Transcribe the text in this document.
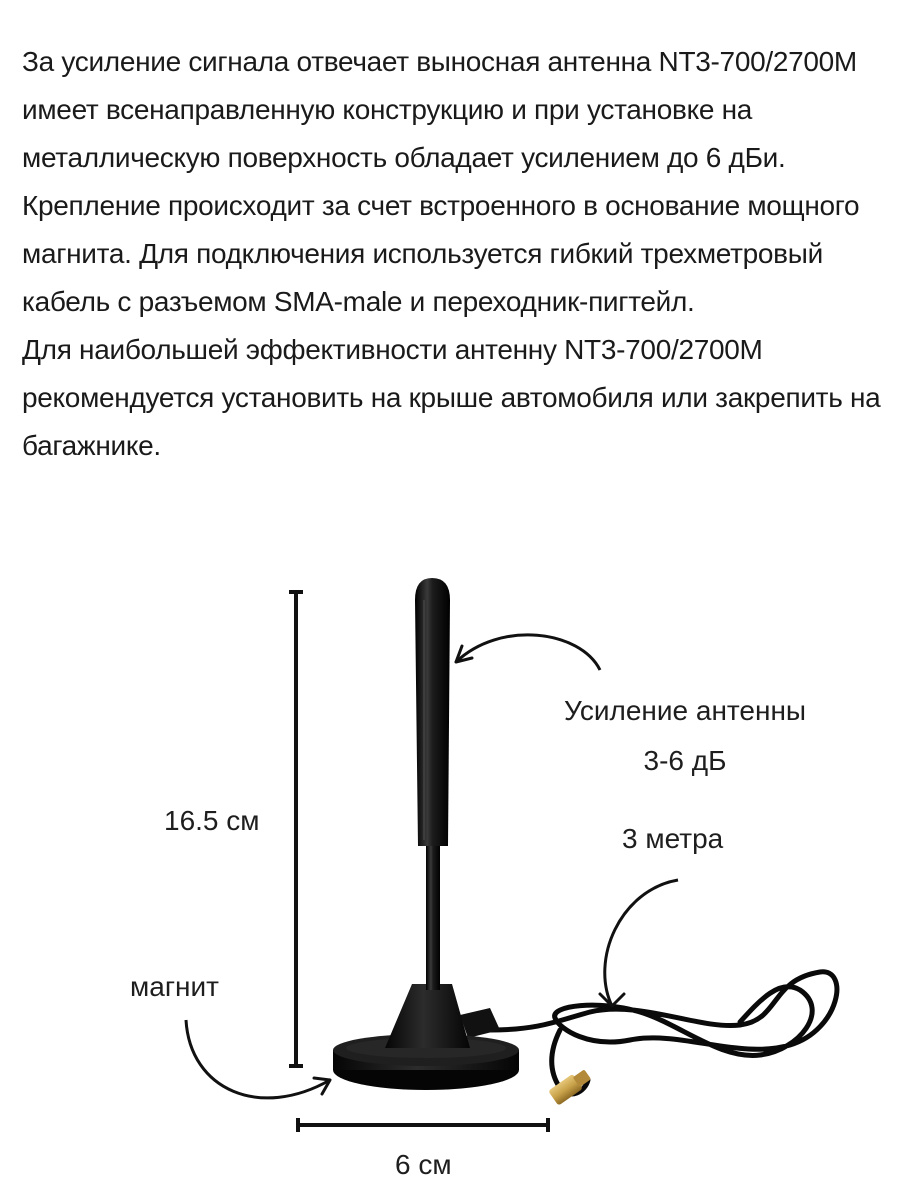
За усиление сигнала отвечает выносная антенна NT3-700/2700M имеет всенаправленную конструкцию и при установке на металлическую поверхность обладает усилением до 6 дБи.

Крепление происходит за счет встроенного в основание мощного магнита. Для подключения используется гибкий трехметровый кабель с разъемом SMA-male и переходник-пигтейл.

Для наибольшей эффективности антенну NT3-700/2700M рекомендуется установить на крыше автомобиля или закрепить на багажнике.

Усиление антенны
3-6 дБ
16.5 см
3 метра
магнит
6 см
